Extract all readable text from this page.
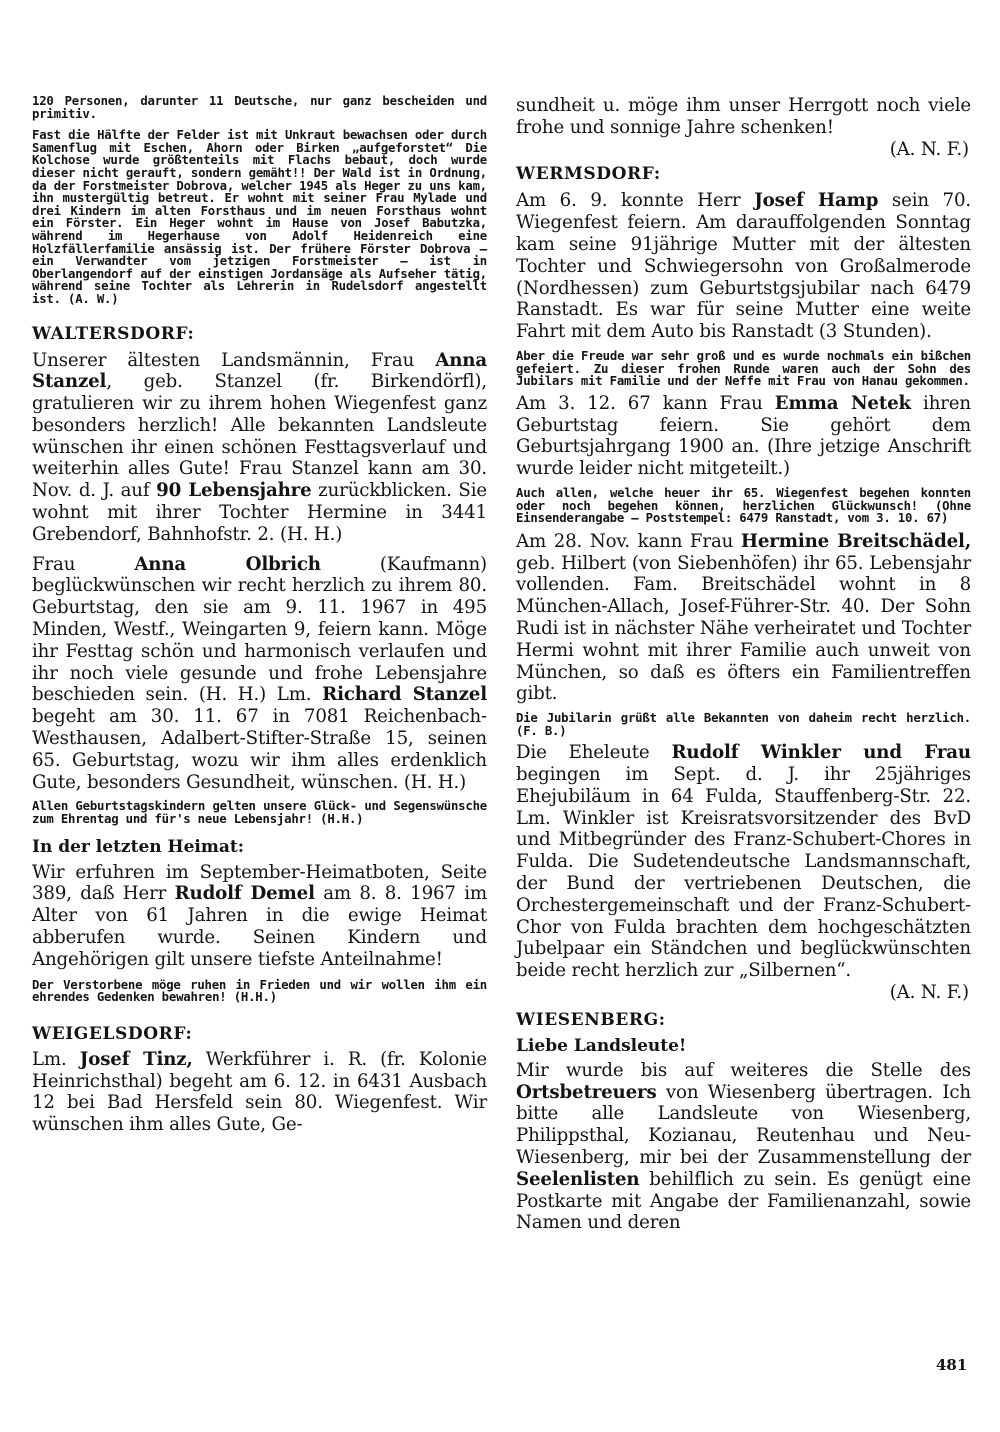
120 Personen, darunter 11 Deutsche, nur ganz bescheiden und primitiv.

Fast die Hälfte der Felder ist mit Unkraut bewachsen oder durch Samenflug mit Eschen, Ahorn oder Birken „aufgeforstet“ Die Kolchose wurde größtenteils mit Flachs bebaut, doch wurde dieser nicht gerauft, sondern gemäht!! Der Wald ist in Ordnung, da der Forstmeister Dobrova, welcher 1945 als Heger zu uns kam, ihn mustergültig betreut. Er wohnt mit seiner Frau Mylade und drei Kindern im alten Forsthaus und im neuen Forsthaus wohnt ein Förster. Ein Heger wohnt im Hause von Josef Babutzka, während im Hegerhause von Adolf Heidenreich eine Holzfällerfamilie ansässig ist. Der frühere Förster Dobrova — ein Verwandter vom jetzigen Forstmeister — ist in Oberlangendorf auf der einstigen Jordansäge als Aufseher tätig, während seine Tochter als Lehrerin in Rudelsdorf angestellt ist. (A. W.)

WALTERSDORF:

Unserer ältesten Landsmännin, Frau Anna Stanzel, geb. Stanzel (fr. Birkendörfl), gratulieren wir zu ihrem hohen Wiegenfest ganz besonders herzlich! Alle bekannten Landsleute wünschen ihr einen schönen Festtagsverlauf und weiterhin alles Gute! Frau Stanzel kann am 30. Nov. d. J. auf 90 Lebensjahre zurückblicken. Sie wohnt mit ihrer Tochter Hermine in 3441 Grebendorf, Bahnhofstr. 2. (H. H.)

Frau Anna Olbrich (Kaufmann) beglückwünschen wir recht herzlich zu ihrem 80. Geburtstag, den sie am 9. 11. 1967 in 495 Minden, Westf., Weingarten 9, feiern kann. Möge ihr Festtag schön und harmonisch verlaufen und ihr noch viele gesunde und frohe Lebensjahre beschieden sein. (H. H.) Lm. Richard Stanzel begeht am 30. 11. 67 in 7081 Reichenbach-Westhausen, Adalbert-Stifter-Straße 15, seinen 65. Geburtstag, wozu wir ihm alles erdenklich Gute, besonders Gesundheit, wünschen. (H. H.)

Allen Geburtstagskindern gelten unsere Glück- und Segenswünsche zum Ehrentag und für's neue Lebensjahr! (H.H.)

In der letzten Heimat:

Wir erfuhren im September-Heimatboten, Seite 389, daß Herr Rudolf Demel am 8. 8. 1967 im Alter von 61 Jahren in die ewige Heimat abberufen wurde. Seinen Kindern und Angehörigen gilt unsere tiefste Anteilnahme!

Der Verstorbene möge ruhen in Frieden und wir wollen ihm ein ehrendes Gedenken bewahren! (H.H.)

WEIGELSDORF:

Lm. Josef Tinz, Werkführer i. R. (fr. Kolonie Heinrichsthal) begeht am 6. 12. in 6431 Ausbach 12 bei Bad Hersfeld sein 80. Wiegenfest. Wir wünschen ihm alles Gute, Ge-

sundheit u. möge ihm unser Herrgott noch viele frohe und sonnige Jahre schenken!

(A. N. F.)

WERMSDORF:

Am 6. 9. konnte Herr Josef Hamp sein 70. Wiegenfest feiern. Am darauffolgenden Sonntag kam seine 91jährige Mutter mit der ältesten Tochter und Schwiegersohn von Großalmerode (Nordhessen) zum Geburtstgsjubilar nach 6479 Ranstadt. Es war für seine Mutter eine weite Fahrt mit dem Auto bis Ranstadt (3 Stunden).

Aber die Freude war sehr groß und es wurde nochmals ein bißchen gefeiert. Zu dieser frohen Runde waren auch der Sohn des Jubilars mit Familie und der Neffe mit Frau von Hanau gekommen.

Am 3. 12. 67 kann Frau Emma Netek ihren Geburtstag feiern. Sie gehört dem Geburtsjahrgang 1900 an. (Ihre jetzige Anschrift wurde leider nicht mitgeteilt.)

Auch allen, welche heuer ihr 65. Wiegenfest begehen konnten oder noch begehen können, herzlichen Glückwunsch! (Ohne Einsenderangabe — Poststempel: 6479 Ranstadt, vom 3. 10. 67)

Am 28. Nov. kann Frau Hermine Breitschädel, geb. Hilbert (von Siebenhöfen) ihr 65. Lebensjahr vollenden. Fam. Breitschädel wohnt in 8 München-Allach, Josef-Führer-Str. 40. Der Sohn Rudi ist in nächster Nähe verheiratet und Tochter Hermi wohnt mit ihrer Familie auch unweit von München, so daß es öfters ein Familientreffen gibt.

Die Jubilarin grüßt alle Bekannten von daheim recht herzlich. (F. B.)

Die Eheleute Rudolf Winkler und Frau begingen im Sept. d. J. ihr 25jähriges Ehejubiläum in 64 Fulda, Stauffenberg-Str. 22. Lm. Winkler ist Kreisratsvorsitzender des BvD und Mitbegründer des Franz-Schubert-Chores in Fulda. Die Sudetendeutsche Landsmannschaft, der Bund der vertriebenen Deutschen, die Orchestergemeinschaft und der Franz-Schubert-Chor von Fulda brachten dem hochgeschätzten Jubelpaar ein Ständchen und beglückwünschten beide recht herzlich zur „Silbernen“.

(A. N. F.)

WIESENBERG:
Liebe Landsleute!

Mir wurde bis auf weiteres die Stelle des Ortsbetreuers von Wiesenberg übertragen. Ich bitte alle Landsleute von Wiesenberg, Philippsthal, Kozianau, Reutenhau und Neu-Wiesenberg, mir bei der Zusammenstellung der Seelenlisten behilflich zu sein. Es genügt eine Postkarte mit Angabe der Familienanzahl, sowie Namen und deren

481
